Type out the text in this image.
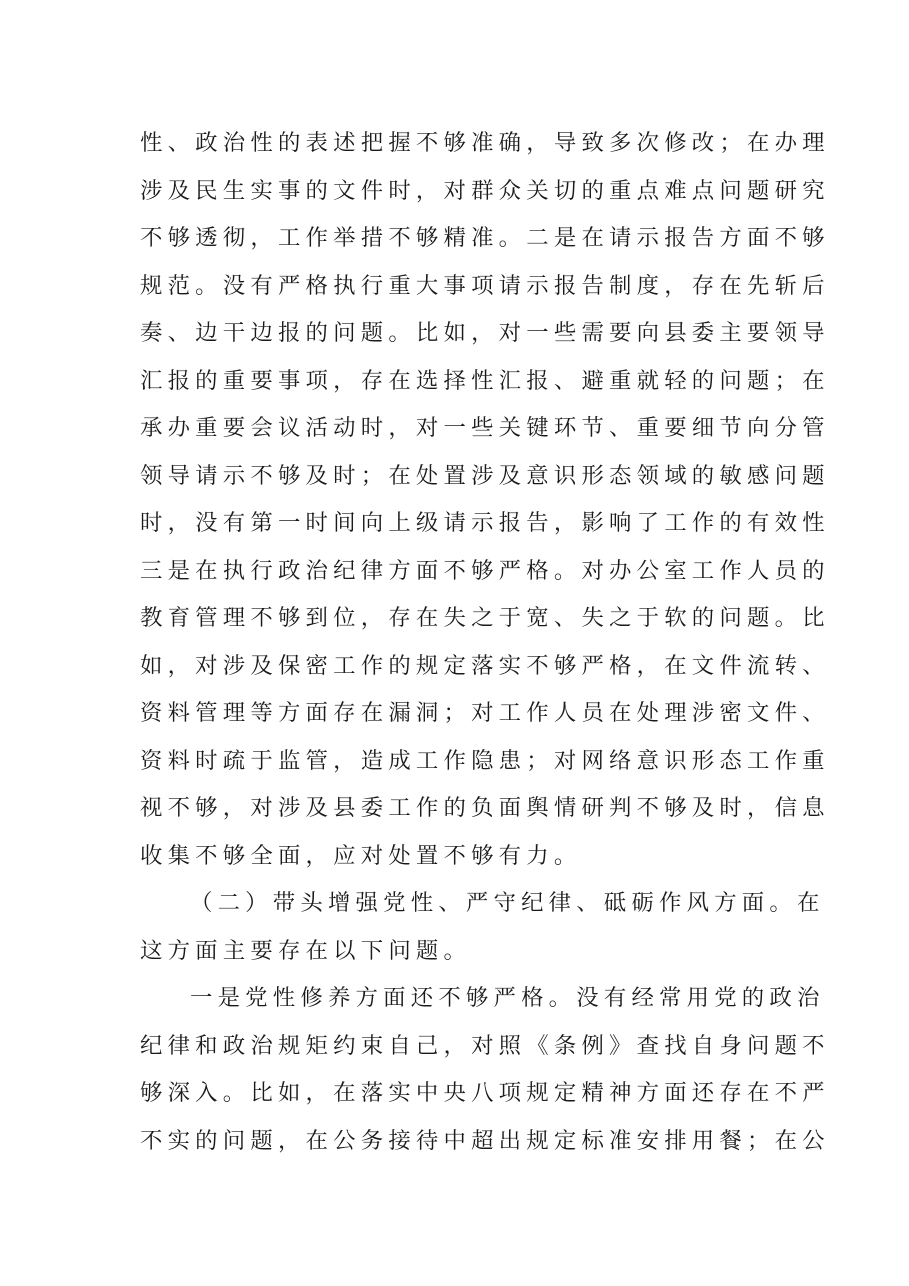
性、政治性的表述把握不够准确，导致多次修改；在办理
涉及民生实事的文件时，对群众关切的重点难点问题研究
不够透彻，工作举措不够精准。二是在请示报告方面不够
规范。没有严格执行重大事项请示报告制度，存在先斩后
奏、边干边报的问题。比如，对一些需要向县委主要领导
汇报的重要事项，存在选择性汇报、避重就轻的问题；在
承办重要会议活动时，对一些关键环节、重要细节向分管
领导请示不够及时；在处置涉及意识形态领域的敏感问题
时，没有第一时间向上级请示报告，影响了工作的有效性
三是在执行政治纪律方面不够严格。对办公室工作人员的
教育管理不够到位，存在失之于宽、失之于软的问题。比
如，对涉及保密工作的规定落实不够严格，在文件流转、
资料管理等方面存在漏洞；对工作人员在处理涉密文件、
资料时疏于监管，造成工作隐患；对网络意识形态工作重
视不够，对涉及县委工作的负面舆情研判不够及时，信息
收集不够全面，应对处置不够有力。
（二）带头增强党性、严守纪律、砥砺作风方面。在
这方面主要存在以下问题。
一是党性修养方面还不够严格。没有经常用党的政治
纪律和政治规矩约束自己，对照《条例》查找自身问题不
够深入。比如，在落实中央八项规定精神方面还存在不严
不实的问题，在公务接待中超出规定标准安排用餐；在公
